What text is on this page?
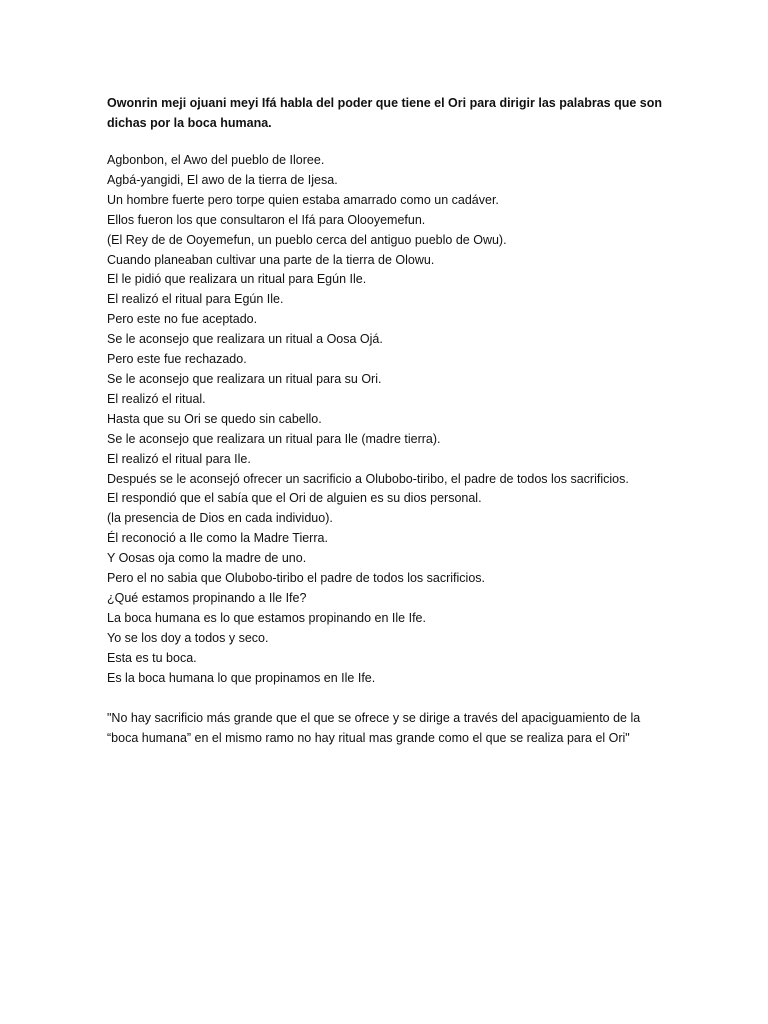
Owonrin meji ojuani meyi Ifá habla del poder que tiene el Ori para dirigir las palabras que son dichas por la boca humana.

Agbonbon, el Awo del pueblo de Iloree.
Agbá-yangidi, El awo de la tierra de Ijesa.
Un hombre fuerte pero torpe quien estaba amarrado como un cadáver.
Ellos fueron los que consultaron el Ifá para Olooyemefun.
(El Rey de de Ooyemefun, un pueblo cerca del antiguo pueblo de Owu).
Cuando planeaban cultivar una parte de la tierra de Olowu.
El le pidió que realizara un ritual para Egún Ile.
El realizó el ritual para Egún Ile.
Pero este no fue aceptado.
Se le aconsejo que realizara un ritual a Oosa Ojá.
Pero este fue rechazado.
Se le aconsejo que realizara un ritual para su Ori.
El realizó el ritual.
Hasta que su Ori se quedo sin cabello.
Se le aconsejo que realizara un ritual para Ile (madre tierra).
El realizó el ritual para Ile.
Después se le aconsejó ofrecer un sacrificio a Olubobo-tiribo, el padre de todos los sacrificios.
El respondió que el sabía que el Ori de alguien es su dios personal.
(la presencia de Dios en cada individuo).
Él reconoció a Ile como la Madre Tierra.
Y Oosas oja como la madre de uno.
Pero el no sabia que Olubobo-tiribo el padre de todos los sacrificios.
¿Qué estamos propinando a Ile Ife?
La boca humana es lo que estamos propinando en Ile Ife.
Yo se los doy a todos y seco.
Esta es tu boca.
Es la boca humana lo que propinamos en Ile Ife.

"No hay sacrificio más grande que el que se ofrece y se dirige a través del apaciguamiento de la “boca humana” en el mismo ramo no hay ritual mas grande como el que se realiza para el Ori"
